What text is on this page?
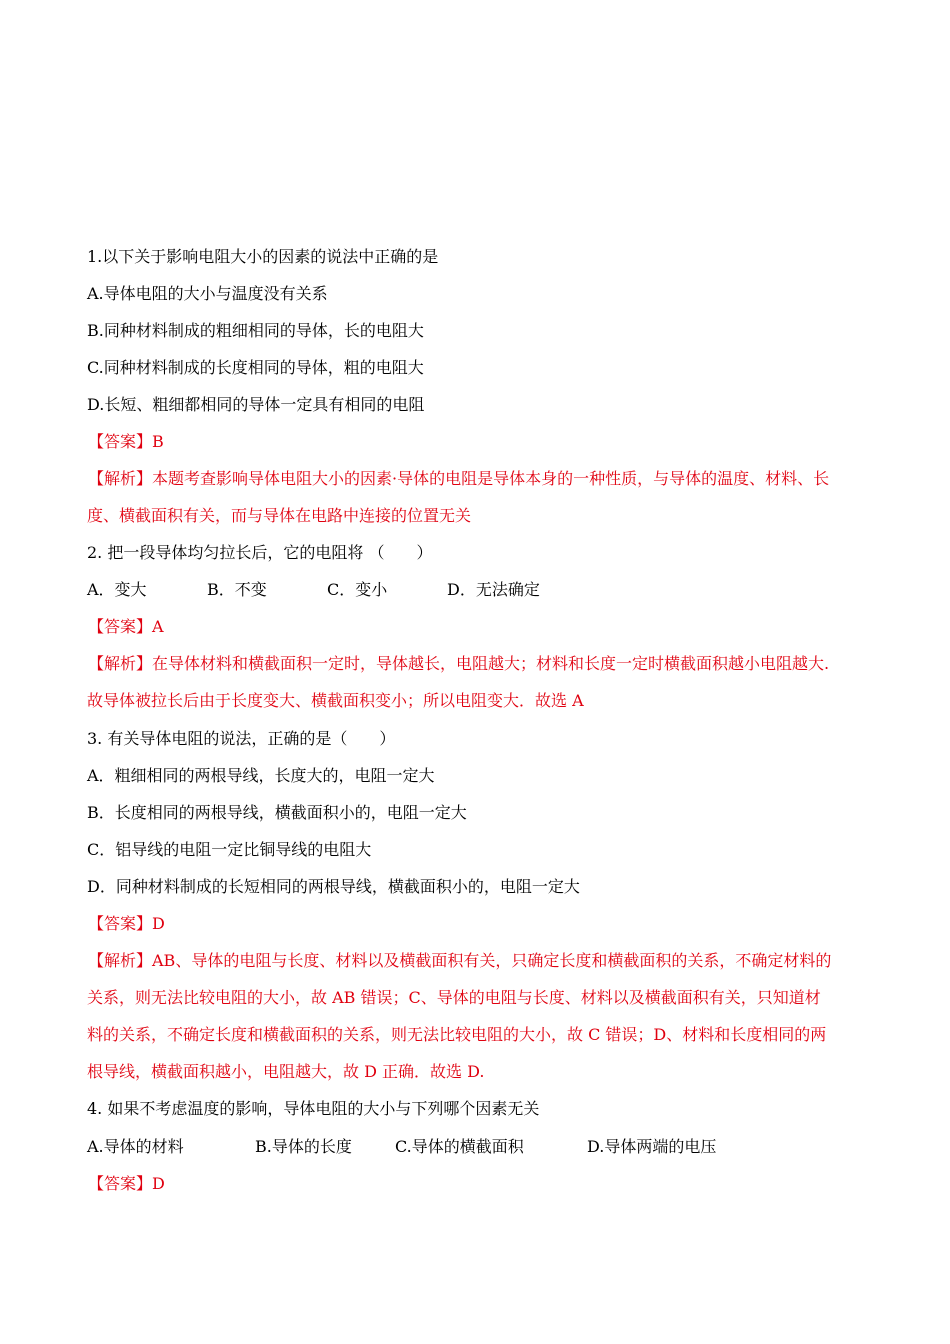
1.以下关于影响电阻大小的因素的说法中正确的是
A.导体电阻的大小与温度没有关系
B.同种材料制成的粗细相同的导体，长的电阻大
C.同种材料制成的长度相同的导体，粗的电阻大
D.长短、粗细都相同的导体一定具有相同的电阻
【答案】B
【解析】本题考查影响导体电阻大小的因素·导体的电阻是导体本身的一种性质，与导体的温度、材料、长
度、横截面积有关，而与导体在电路中连接的位置无关
2. 把一段导体均匀拉长后，它的电阻将 （　　）
A．变大	B．不变	C．变小	D．无法确定
【答案】A
【解析】在导体材料和横截面积一定时，导体越长，电阻越大；材料和长度一定时横截面积越小电阻越大.
故导体被拉长后由于长度变大、横截面积变小；所以电阻变大．故选 A
3. 有关导体电阻的说法，正确的是（　　）
A．粗细相同的两根导线，长度大的，电阻一定大
B．长度相同的两根导线，横截面积小的，电阻一定大
C．铝导线的电阻一定比铜导线的电阻大
D．同种材料制成的长短相同的两根导线，横截面积小的，电阻一定大
【答案】D
【解析】AB、导体的电阻与长度、材料以及横截面积有关，只确定长度和横截面积的关系，不确定材料的
关系，则无法比较电阻的大小，故 AB 错误；C、导体的电阻与长度、材料以及横截面积有关，只知道材
料的关系，不确定长度和横截面积的关系，则无法比较电阻的大小，故 C 错误；D、材料和长度相同的两
根导线，横截面积越小，电阻越大，故 D 正确．故选 D.
4. 如果不考虑温度的影响，导体电阻的大小与下列哪个因素无关
A.导体的材料	B.导体的长度	C.导体的横截面积	D.导体两端的电压
【答案】D
